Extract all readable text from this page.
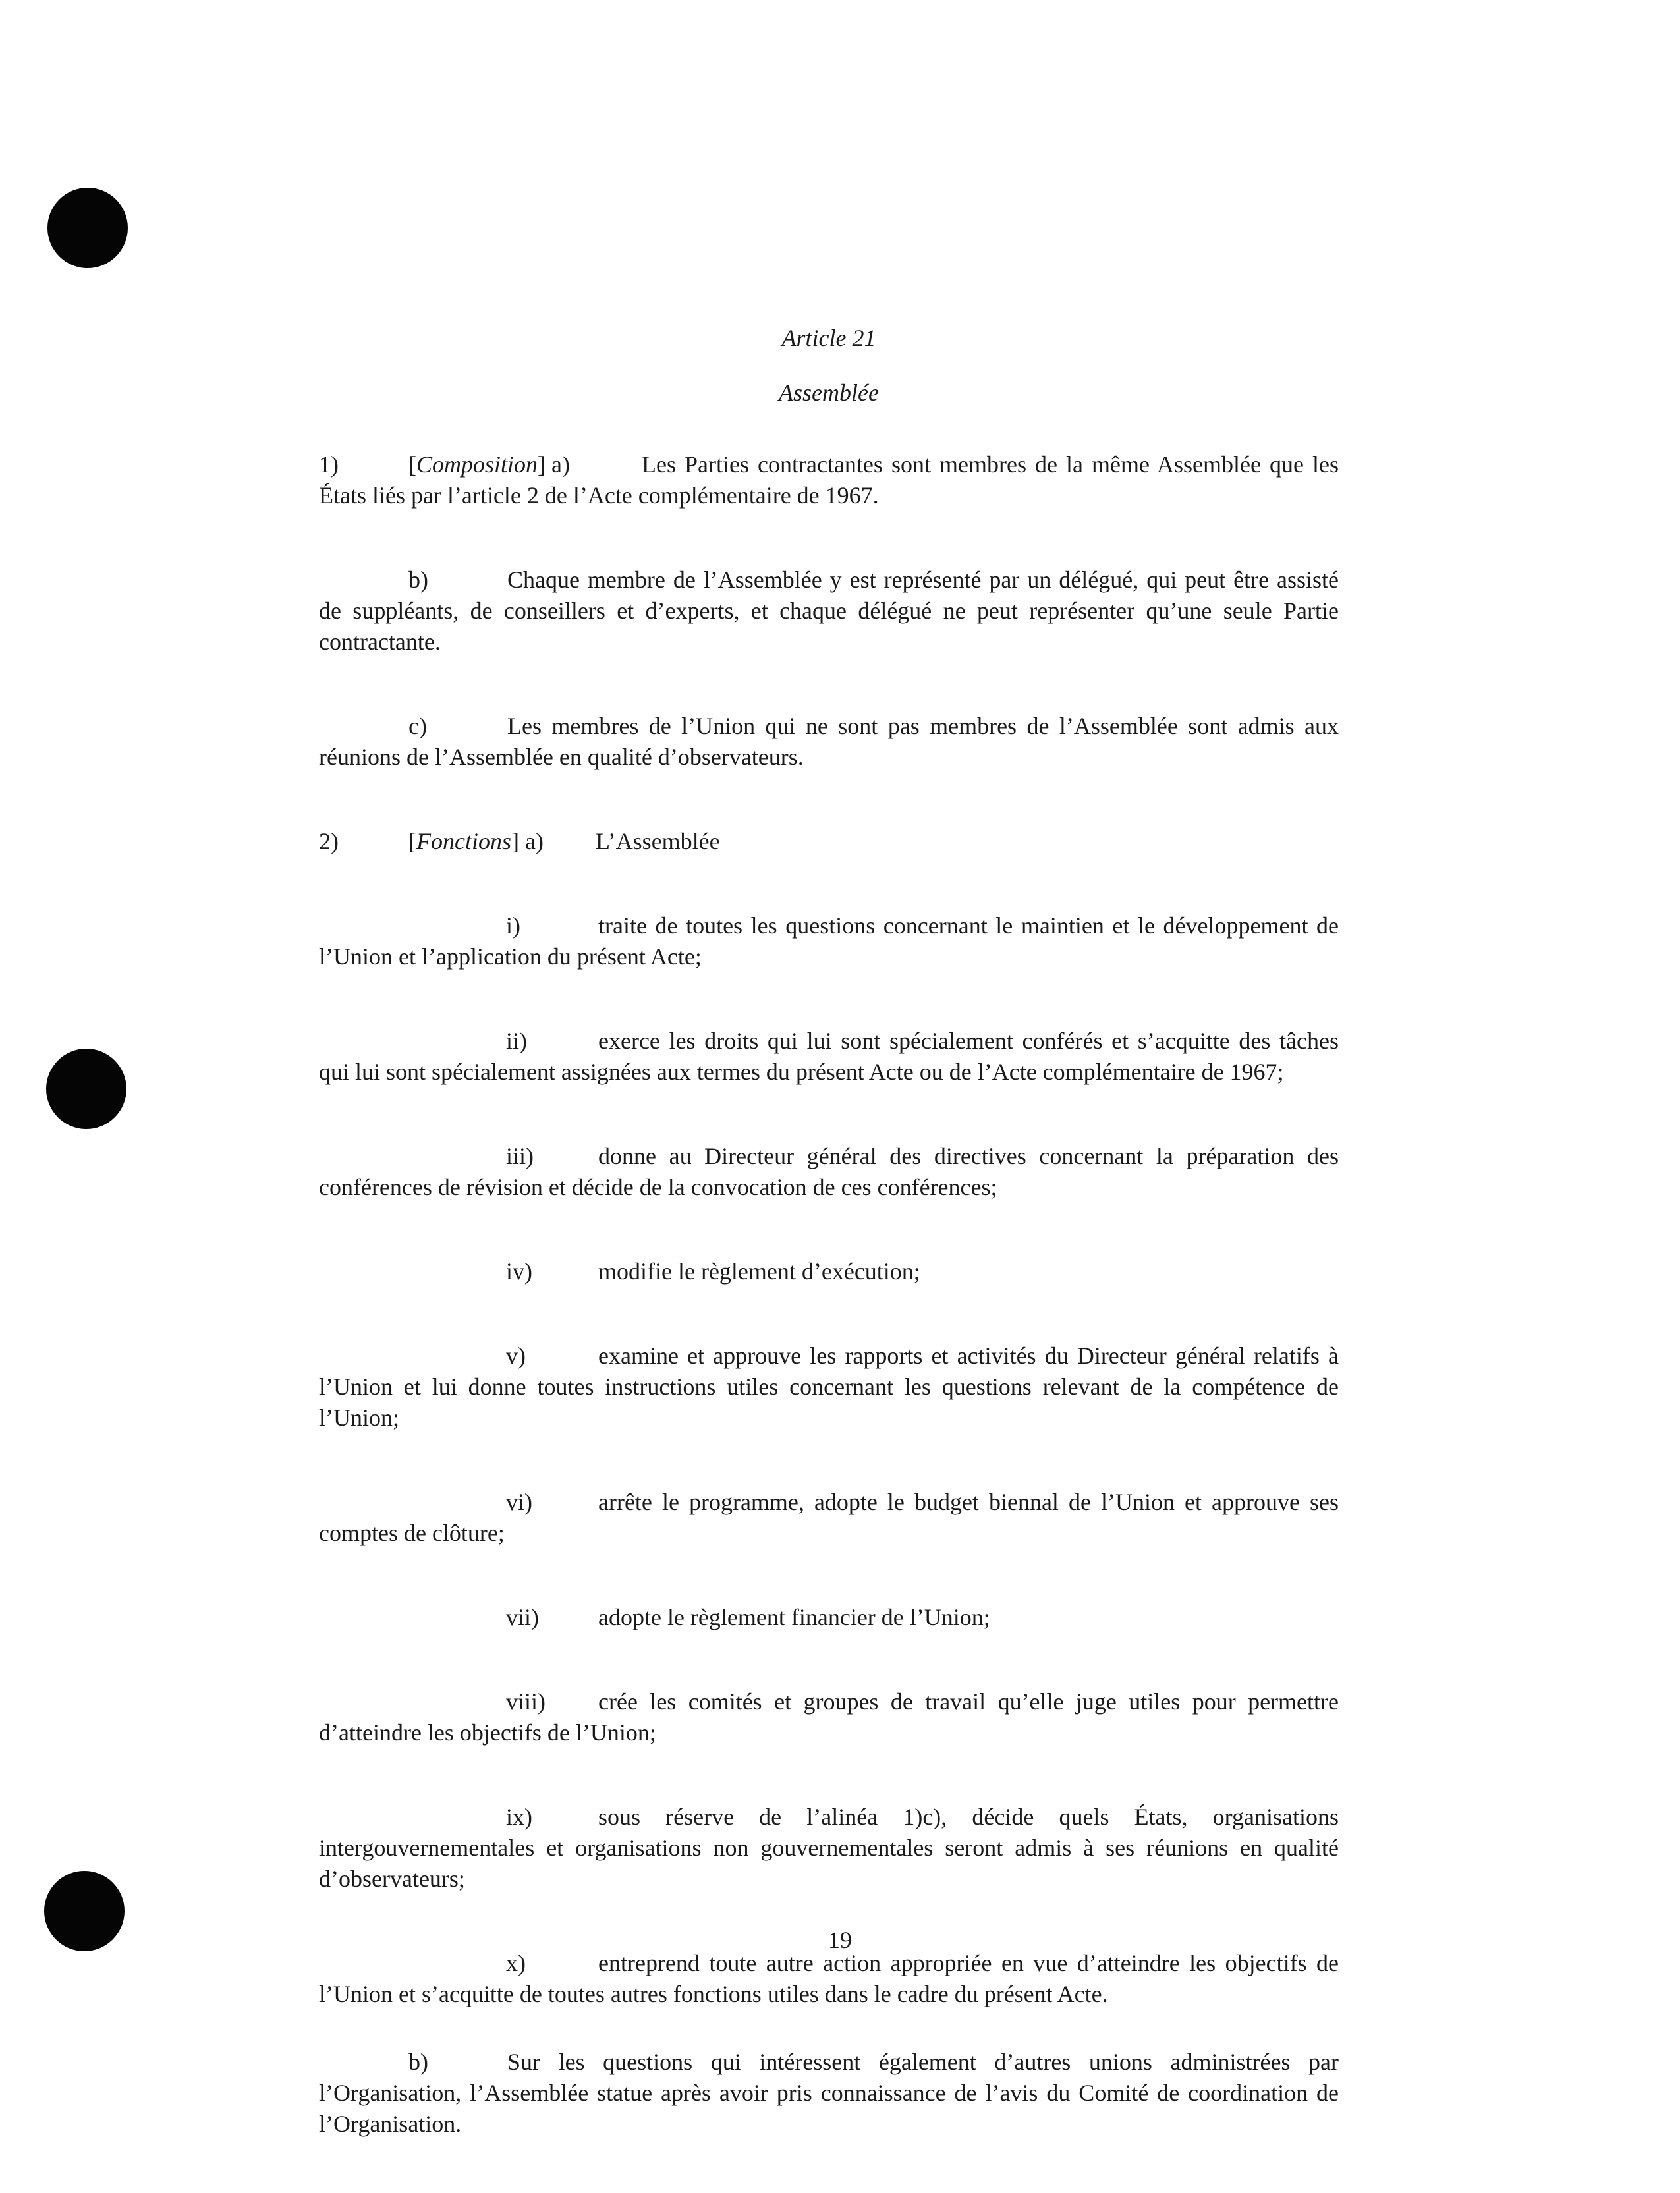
Article 21

Assemblée

1)	[Composition] a)	Les Parties contractantes sont membres de la même Assemblée que les États liés par l’article 2 de l’Acte complémentaire de 1967.

b)	Chaque membre de l’Assemblée y est représenté par un délégué, qui peut être assisté de suppléants, de conseillers et d’experts, et chaque délégué ne peut représenter qu’une seule Partie contractante.

c)	Les membres de l’Union qui ne sont pas membres de l’Assemblée sont admis aux réunions de l’Assemblée en qualité d’observateurs.

2)	[Fonctions] a) L’Assemblée

i)	traite de toutes les questions concernant le maintien et le développement de l’Union et l’application du présent Acte;

ii)	exerce les droits qui lui sont spécialement conférés et s’acquitte des tâches qui lui sont spécialement assignées aux termes du présent Acte ou de l’Acte complémentaire de 1967;

iii)	donne au Directeur général des directives concernant la préparation des conférences de révision et décide de la convocation de ces conférences;

iv)	modifie le règlement d’exécution;

v)	examine et approuve les rapports et activités du Directeur général relatifs à l’Union et lui donne toutes instructions utiles concernant les questions relevant de la compétence de l’Union;

vi)	arrête le programme, adopte le budget biennal de l’Union et approuve ses comptes de clôture;

vii)	adopte le règlement financier de l’Union;

viii) crée les comités et groupes de travail qu’elle juge utiles pour permettre d’atteindre les objectifs de l’Union;

ix)	sous réserve de l’alinéa 1)c), décide quels États, organisations intergouvernementales et organisations non gouvernementales seront admis à ses réunions en qualité d’observateurs;

x)	entreprend toute autre action appropriée en vue d’atteindre les objectifs de l’Union et s’acquitte de toutes autres fonctions utiles dans le cadre du présent Acte.

b)	Sur les questions qui intéressent également d’autres unions administrées par l’Organisation, l’Assemblée statue après avoir pris connaissance de l’avis du Comité de coordination de l’Organisation.

19
